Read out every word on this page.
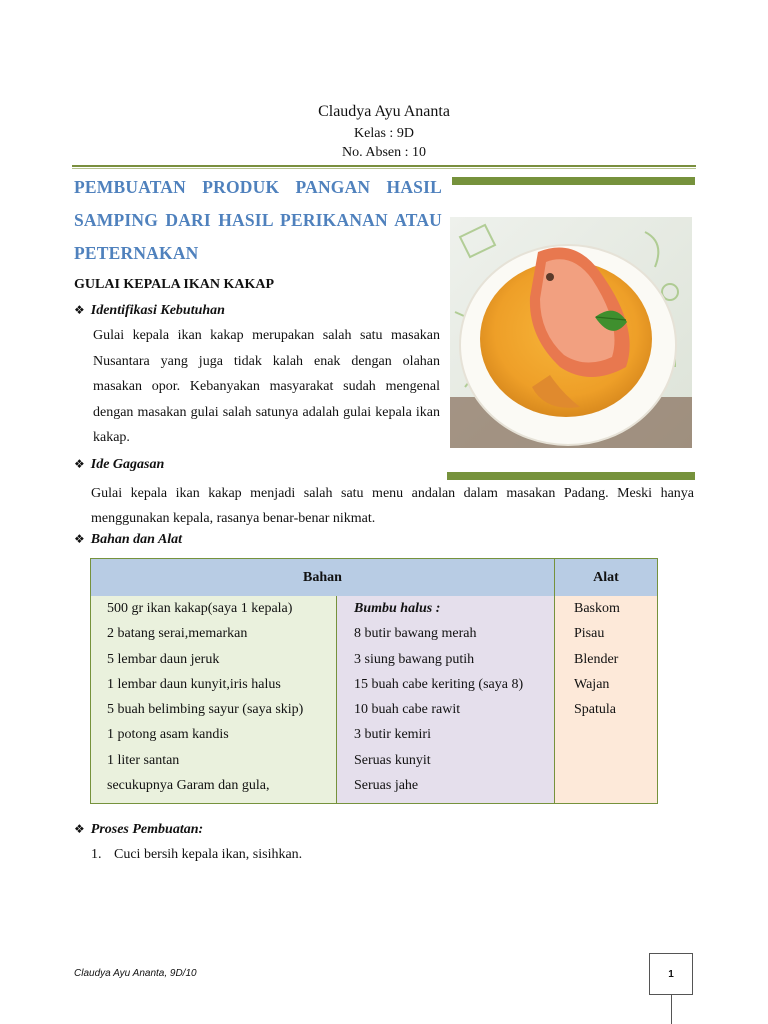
Claudya Ayu Ananta
Kelas : 9D
No. Absen : 10
PEMBUATAN PRODUK PANGAN HASIL SAMPING DARI HASIL PERIKANAN ATAU PETERNAKAN
GULAI KEPALA IKAN KAKAP
❖ Identifikasi Kebutuhan
Gulai kepala ikan kakap merupakan salah satu masakan Nusantara yang juga tidak kalah enak dengan olahan masakan opor. Kebanyakan masyarakat sudah mengenal dengan masakan gulai salah satunya adalah gulai kepala ikan kakap.
❖ Ide Gagasan
Gulai kepala ikan kakap menjadi salah satu menu andalan dalam masakan Padang. Meski hanya menggunakan kepala, rasanya benar-benar nikmat.
❖ Bahan dan Alat
Bahan	Alat
500 gr ikan kakap(saya 1 kepala)
2 batang serai,memarkan
5 lembar daun jeruk
1 lembar daun kunyit,iris halus
5 buah belimbing sayur (saya skip)
1 potong asam kandis
1 liter santan
secukupnya Garam dan gula,
Bumbu halus :
8 butir bawang merah
3 siung bawang putih
15 buah cabe keriting (saya 8)
10 buah cabe rawit
3 butir kemiri
Seruas kunyit
Seruas jahe
Baskom
Pisau
Blender
Wajan
Spatula
❖ Proses Pembuatan:
1. Cuci bersih kepala ikan, sisihkan.
Claudya Ayu Ananta, 9D/10	1
